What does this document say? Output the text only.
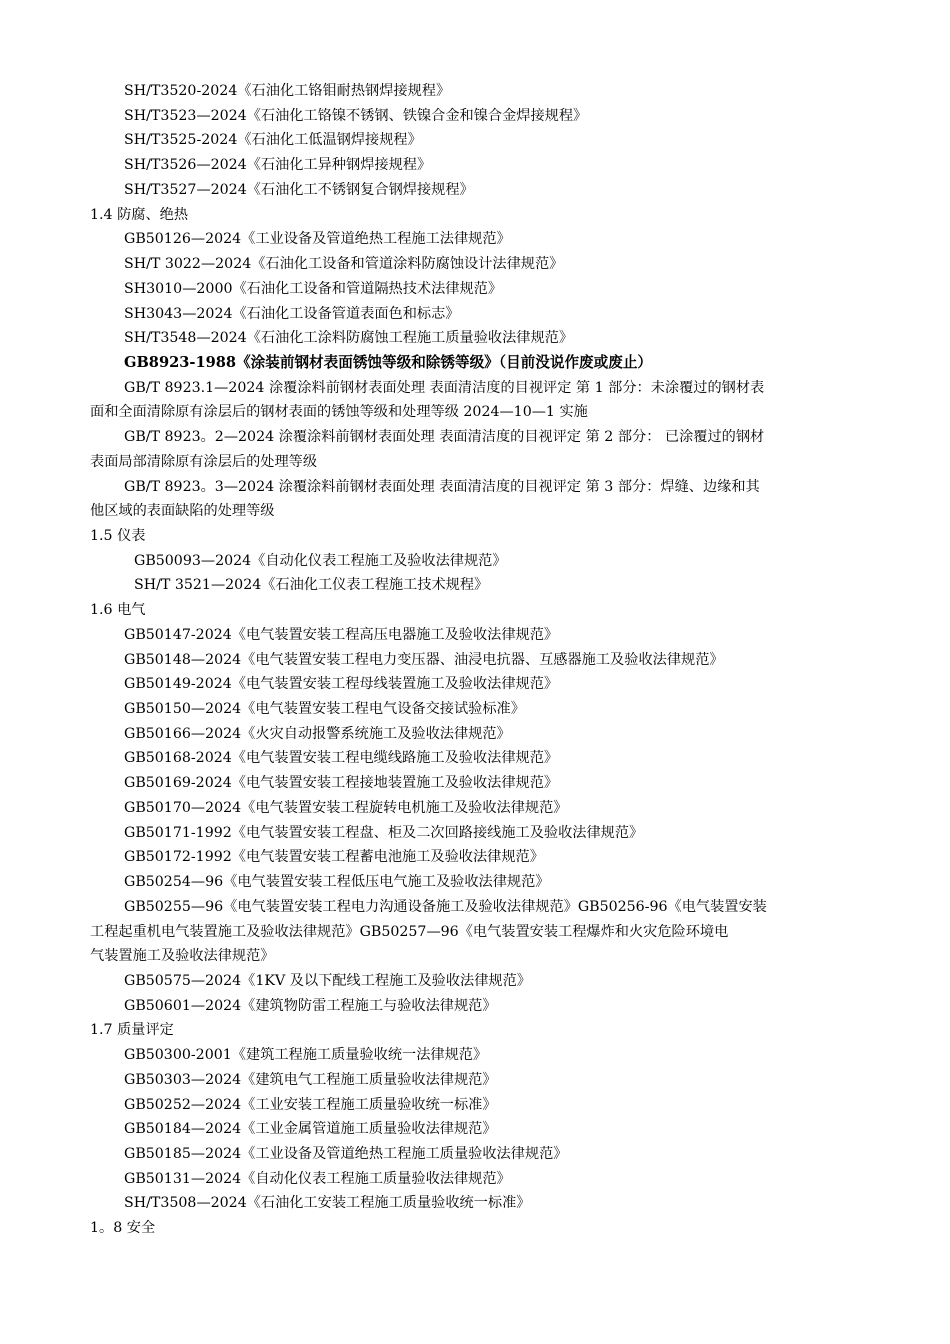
SH/T3520-2024《石油化工铬钼耐热钢焊接规程》
SH/T3523—2024《石油化工铬镍不锈钢、铁镍合金和镍合金焊接规程》
SH/T3525-2024《石油化工低温钢焊接规程》
SH/T3526—2024《石油化工异种钢焊接规程》
SH/T3527—2024《石油化工不锈钢复合钢焊接规程》
1.4 防腐、绝热
GB50126—2024《工业设备及管道绝热工程施工法律规范》
SH/T 3022—2024《石油化工设备和管道涂料防腐蚀设计法律规范》
SH3010—2000《石油化工设备和管道隔热技术法律规范》
SH3043—2024《石油化工设备管道表面色和标志》
SH/T3548—2024《石油化工涂料防腐蚀工程施工质量验收法律规范》
GB8923-1988《涂装前钢材表面锈蚀等级和除锈等级》（目前没说作废或废止）
GB/T 8923.1—2024 涂覆涂料前钢材表面处理 表面清洁度的目视评定 第 1 部分：未涂覆过的钢材表
面和全面清除原有涂层后的钢材表面的锈蚀等级和处理等级 2024—10—1 实施
GB/T 8923。2—2024 涂覆涂料前钢材表面处理 表面清洁度的目视评定 第 2 部分： 已涂覆过的钢材
表面局部清除原有涂层后的处理等级
GB/T 8923。3—2024 涂覆涂料前钢材表面处理 表面清洁度的目视评定 第 3 部分：焊缝、边缘和其
他区域的表面缺陷的处理等级
1.5 仪表
GB50093—2024《自动化仪表工程施工及验收法律规范》
SH/T 3521—2024《石油化工仪表工程施工技术规程》
1.6 电气
GB50147-2024《电气装置安装工程高压电器施工及验收法律规范》
GB50148—2024《电气装置安装工程电力变压器、油浸电抗器、互感器施工及验收法律规范》
GB50149-2024《电气装置安装工程母线装置施工及验收法律规范》
GB50150—2024《电气装置安装工程电气设备交接试验标准》
GB50166—2024《火灾自动报警系统施工及验收法律规范》
GB50168-2024《电气装置安装工程电缆线路施工及验收法律规范》
GB50169-2024《电气装置安装工程接地装置施工及验收法律规范》
GB50170—2024《电气装置安装工程旋转电机施工及验收法律规范》
GB50171-1992《电气装置安装工程盘、柜及二次回路接线施工及验收法律规范》
GB50172-1992《电气装置安装工程蓄电池施工及验收法律规范》
GB50254—96《电气装置安装工程低压电气施工及验收法律规范》
GB50255—96《电气装置安装工程电力沟通设备施工及验收法律规范》GB50256-96《电气装置安装
工程起重机电气装置施工及验收法律规范》GB50257—96《电气装置安装工程爆炸和火灾危险环境电
气装置施工及验收法律规范》
GB50575—2024《1KV 及以下配线工程施工及验收法律规范》
GB50601—2024《建筑物防雷工程施工与验收法律规范》
1.7 质量评定
GB50300-2001《建筑工程施工质量验收统一法律规范》
GB50303—2024《建筑电气工程施工质量验收法律规范》
GB50252—2024《工业安装工程施工质量验收统一标准》
GB50184—2024《工业金属管道施工质量验收法律规范》
GB50185—2024《工业设备及管道绝热工程施工质量验收法律规范》
GB50131—2024《自动化仪表工程施工质量验收法律规范》
SH/T3508—2024《石油化工安装工程施工质量验收统一标准》
1。8 安全
